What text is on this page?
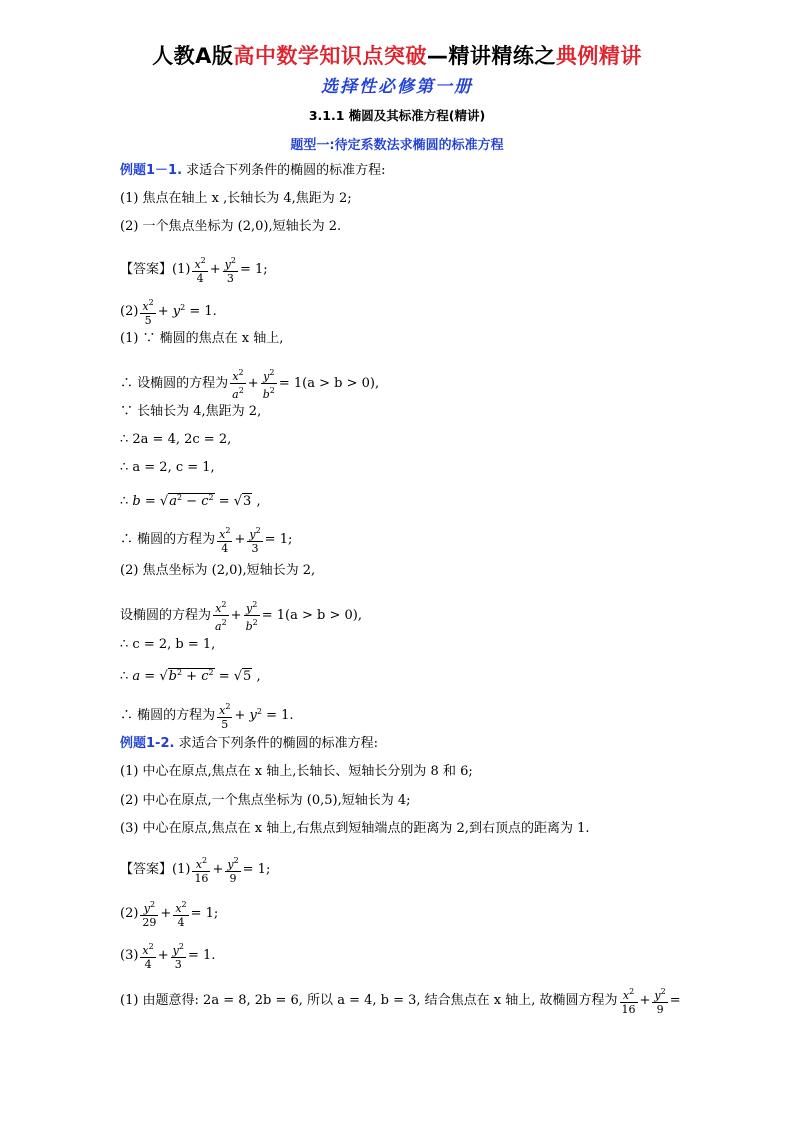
人教A版高中数学知识点突破—精讲精练之典例精讲
选择性必修第一册
3.1.1 椭圆及其标准方程(精讲)
题型一:待定系数法求椭圆的标准方程
例题1－1. 求适合下列条件的椭圆的标准方程:
(1) 焦点在轴上 x ,长轴长为 4,焦距为 2;
(2) 一个焦点坐标为 (2,0),短轴长为 2.
【答案】$(1) \frac{x^2}{4} + \frac{y^2}{3} = 1$;
$(2) \frac{x^2}{5} + y^2 = 1$.
(1) ∵ 椭圆的焦点在 x 轴上,
∴ 设椭圆的方程为 $\frac{x^2}{a^2} + \frac{y^2}{b^2} = 1(a > b > 0)$,
∵ 长轴长为 4,焦距为 2,
∴ 2a = 4, 2c = 2,
∴ a = 2, c = 1,
∴ $b = √a^2 - c^2 = √3$ ,
∴ 椭圆的方程为 $\frac{x^2}{4} + \frac{y^2}{3} = 1$;
(2) 焦点坐标为 (2,0),短轴长为 2,
设椭圆的方程为 $\frac{x^2}{a^2} + \frac{y^2}{b^2} = 1(a > b > 0)$,
∴ c = 2, b = 1,
∴ $a = √b^2 + c^2 = √5$ ,
∴ 椭圆的方程为 $\frac{x^2}{5} + y^2 = 1$.
例题1-2. 求适合下列条件的椭圆的标准方程:
(1) 中心在原点,焦点在 x 轴上,长轴长、短轴长分别为 8 和 6;
(2) 中心在原点,一个焦点坐标为 (0,5),短轴长为 4;
(3) 中心在原点,焦点在 x 轴上,右焦点到短轴端点的距离为 2,到右顶点的距离为 1.
【答案】$(1) \frac{x^2}{16} + \frac{y^2}{9} = 1$;
$(2) \frac{y^2}{29} + \frac{x^2}{4} = 1$;
$(3) \frac{x^2}{4} + \frac{y^2}{3} = 1$.
(1) 由题意得: 2a = 8, 2b = 6, 所以 a = 4, b = 3, 结合焦点在 x 轴上, 故椭圆方程为 $\frac{x^2}{16} + \frac{y^2}{9}$ =
